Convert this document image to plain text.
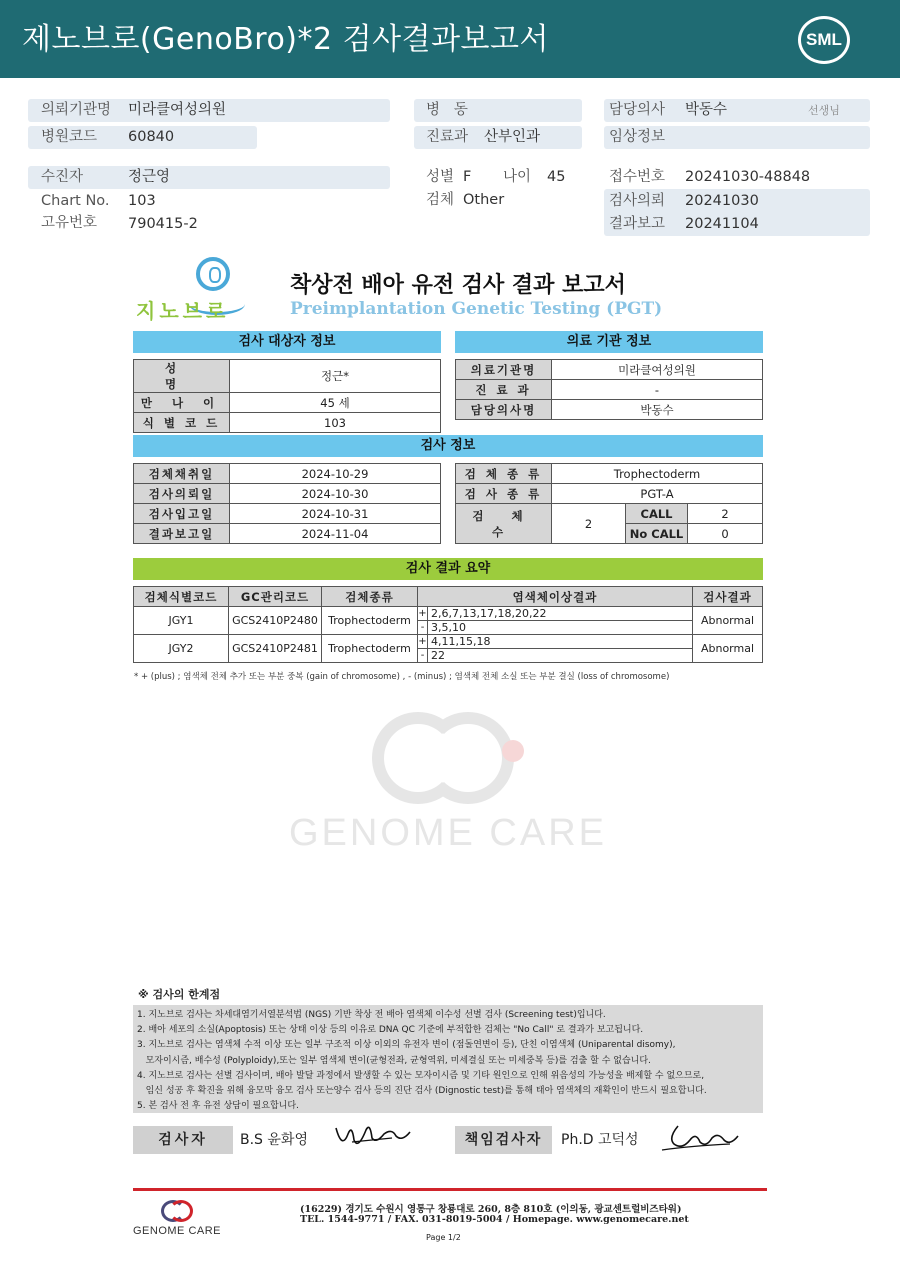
제노브로(GenoBro)*2 검사결과보고서	SML
의뢰기관명 미라클여성의원
병원코드 60840
수진자	정근영
Chart No. 103
고유번호 790415-2
병   동
진료과 산부인과
성별 F 나이 45
검체 Other
담당의사 박동수	선생님
임상정보
접수번호 20241030-48848
검사의뢰 20241030
결과보고 20241104
지노브로
착상전 배아 유전 검사 결과 보고서
Preimplantation Genetic Testing (PGT)
검사 대상자 정보
성 명	정근*
만 나 이	45 세
식 별 코 드	103
의료 기관 정보
의료기관명	미라클여성의원
진 료 과	-
담당의사명	박동수
검사 정보
검체채취일	2024-10-29
검사의뢰일	2024-10-30
검사입고일	2024-10-31
결과보고일	2024-11-04
검 체 종 류	Trophectoderm		
검 사 종 류	PGT-A		
검 체 수	2	CALL	2
		No CALL	0
검사 결과 요약
검체식별코드	GC관리코드	검체종류	염색체이상결과		검사결과
JGY1	GCS2410P2480	Trophectoderm	+	2,6,7,13,17,18,20,22	Abnormal
			-	3,5,10	
JGY2	GCS2410P2481	Trophectoderm	+	4,11,15,18	Abnormal
			-	22	
* + (plus) ; 염색체 전체 추가 또는 부분 중복 (gain of chromosome) , - (minus) ; 염색체 전체 소실 또는 부분 결실 (loss of chromosome)
GENOME CARE
※ 검사의 한계점
1. 지노브로 검사는 차세대염기서열분석법 (NGS) 기반 착상 전 배아 염색체 이수성 선별 검사 (Screening test)입니다.
2. 배아 세포의 소실(Apoptosis) 또는 상태 이상 등의 이유로 DNA QC 기준에 부적합한 검체는 "No Call" 로 결과가 보고됩니다.
3. 지노브로 검사는 염색체 수적 이상 또는 일부 구조적 이상 이외의 유전자 변이 (점돌연변이 등), 단친 이염색체 (Uniparental disomy),
모자이시즘, 배수성 (Polyploidy),또는 일부 염색체 변이(균형전좌, 균형역위, 미세결실 또는 미세중복 등)를 검출 할 수 없습니다.
4. 지노브로 검사는 선별 검사이며, 배아 발달 과정에서 발생할 수 있는 모자이시즘 및 기타 원인으로 인해 위음성의 가능성을 배제할 수 없으므로,
임신 성공 후 확진을 위해 융모막 융모 검사 또는양수 검사 등의 진단 검사 (Dignostic test)를 통해 태아 염색체의 재확인이 반드시 필요합니다.
5. 본 검사 전 후 유전 상담이 필요합니다.
검사자	B.S 윤화영	책임검사자	Ph.D 고덕성
GENOME CARE
(16229) 경기도 수원시 영통구 창룡대로 260, 8층 810호 (이의동, 광교센트럴비즈타워)
TEL. 1544-9771 / FAX. 031-8019-5004 / Homepage. www.genomecare.net
Page 1/2
